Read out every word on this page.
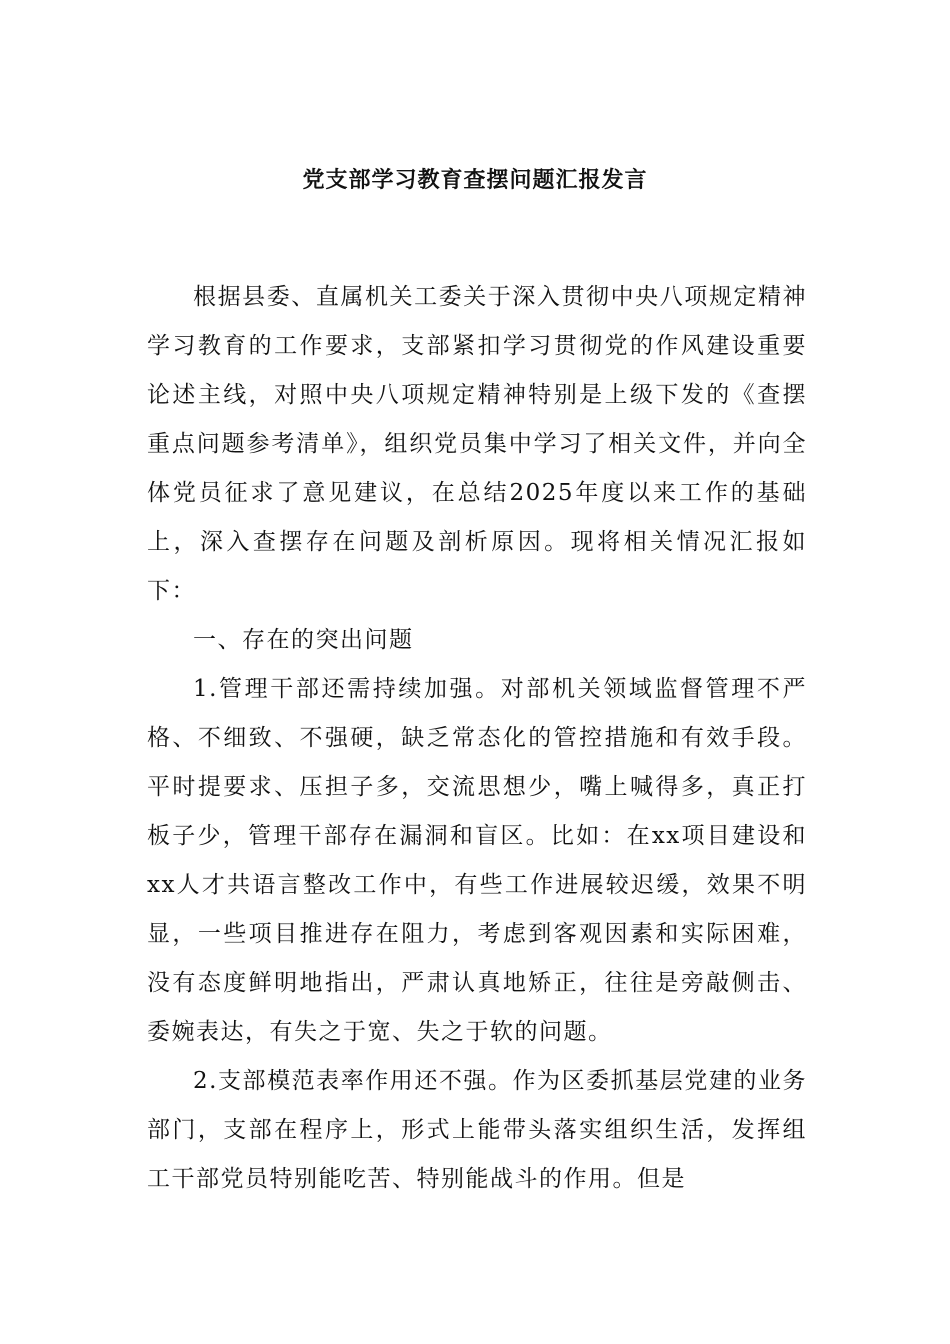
党支部学习教育查摆问题汇报发言

根据县委、直属机关工委关于深入贯彻中央八项规定精神学习教育的工作要求，支部紧扣学习贯彻党的作风建设重要论述主线，对照中央八项规定精神特别是上级下发的《查摆重点问题参考清单》，组织党员集中学习了相关文件，并向全体党员征求了意见建议，在总结2025年度以来工作的基础上，深入查摆存在问题及剖析原因。现将相关情况汇报如下：

一、存在的突出问题

1.管理干部还需持续加强。对部机关领域监督管理不严格、不细致、不强硬，缺乏常态化的管控措施和有效手段。平时提要求、压担子多，交流思想少，嘴上喊得多，真正打板子少，管理干部存在漏洞和盲区。比如：在xx项目建设和xx人才共语言整改工作中，有些工作进展较迟缓，效果不明显，一些项目推进存在阻力，考虑到客观因素和实际困难，没有态度鲜明地指出，严肃认真地矫正，往往是旁敲侧击、委婉表达，有失之于宽、失之于软的问题。

2.支部模范表率作用还不强。作为区委抓基层党建的业务部门，支部在程序上，形式上能带头落实组织生活，发挥组工干部党员特别能吃苦、特别能战斗的作用。但是
